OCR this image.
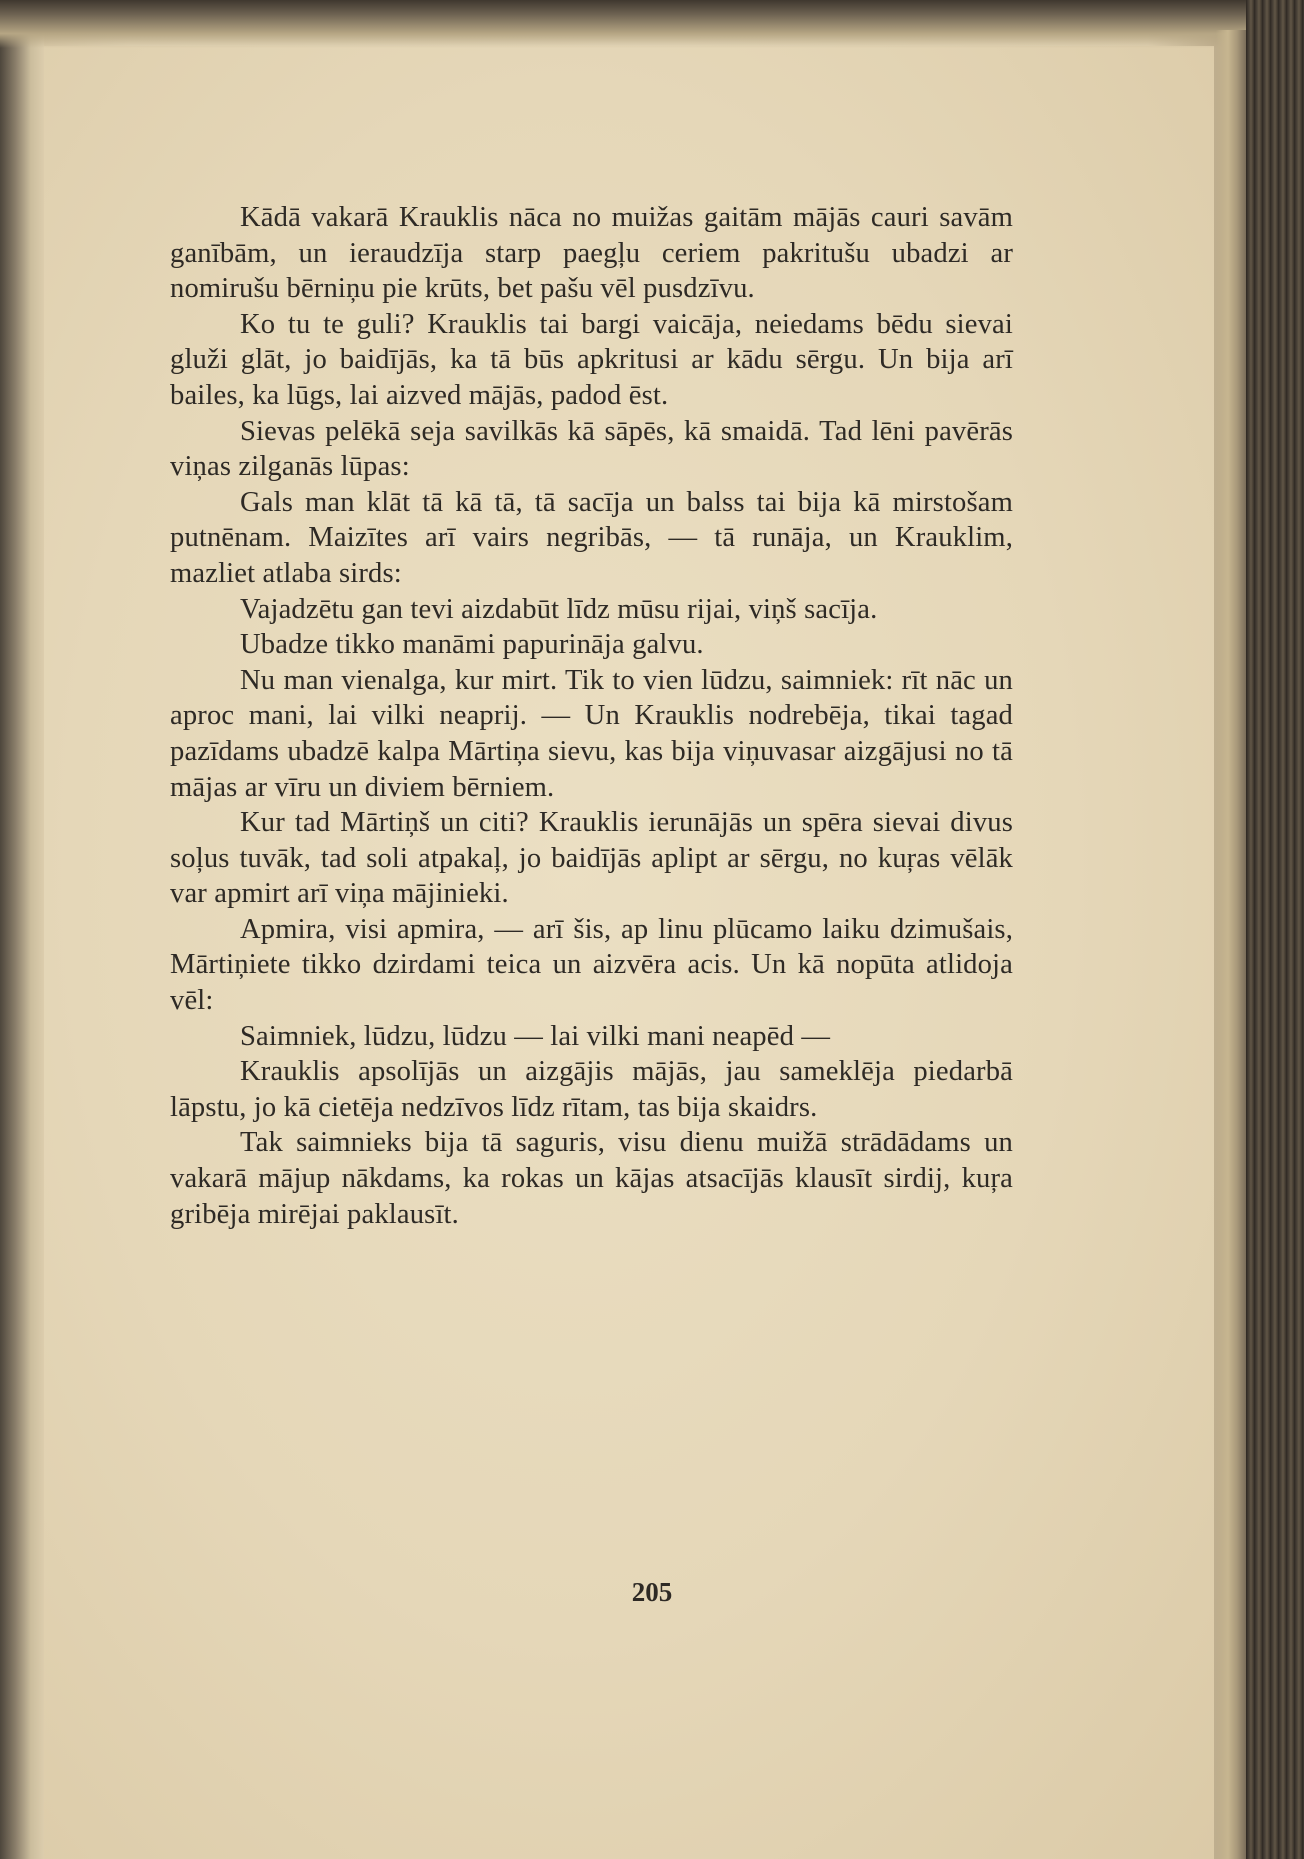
Kādā vakarā Krauklis nāca no muižas gaitām mājās cauri savām ganībām, un ieraudzīja starp paegļu ceriem pakritušu ubadzi ar nomirušu bērniņu pie krūts, bet pašu vēl pusdzīvu.

Ko tu te guli? Krauklis tai bargi vaicāja, neiedams bēdu sievai gluži glāt, jo baidījās, ka tā būs apkritusi ar kādu sērgu. Un bija arī bailes, ka lūgs, lai aizved mājās, padod ēst.

Sievas pelēkā seja savilkās kā sāpēs, kā smaidā. Tad lēni pavērās viņas zilganās lūpas:

Gals man klāt tā kā tā, tā sacīja un balss tai bija kā mirstošam putnēnam. Maizītes arī vairs negribās, — tā runāja, un Krauklim, mazliet atlaba sirds:

Vajadzētu gan tevi aizdabūt līdz mūsu rijai, viņš sacīja.

Ubadze tikko manāmi papurināja galvu.

Nu man vienalga, kur mirt. Tik to vien lūdzu, saimniek: rīt nāc un aproc mani, lai vilki neaprij. — Un Krauklis nodrebēja, tikai tagad pazīdams ubadzē kalpa Mārtiņa sievu, kas bija viņuvasar aizgājusi no tā mājas ar vīru un diviem bērniem.

Kur tad Mārtiņš un citi? Krauklis ierunājās un spēra sievai divus soļus tuvāk, tad soli atpakaļ, jo baidījās aplipt ar sērgu, no kuŗas vēlāk var apmirt arī viņa mājinieki.

Apmira, visi apmira, — arī šis, ap linu plūcamo laiku dzimušais, Mārtiņiete tikko dzirdami teica un aizvēra acis. Un kā nopūta atlidoja vēl:

Saimniek, lūdzu, lūdzu — lai vilki mani neapēd —

Krauklis apsolījās un aizgājis mājās, jau sameklēja piedarbā lāpstu, jo kā cietēja nedzīvos līdz rītam, tas bija skaidrs.

Tak saimnieks bija tā saguris, visu dienu muižā strādādams un vakarā mājup nākdams, ka rokas un kājas atsacījās klausīt sirdij, kuŗa gribēja mirējai paklausīt.

205
